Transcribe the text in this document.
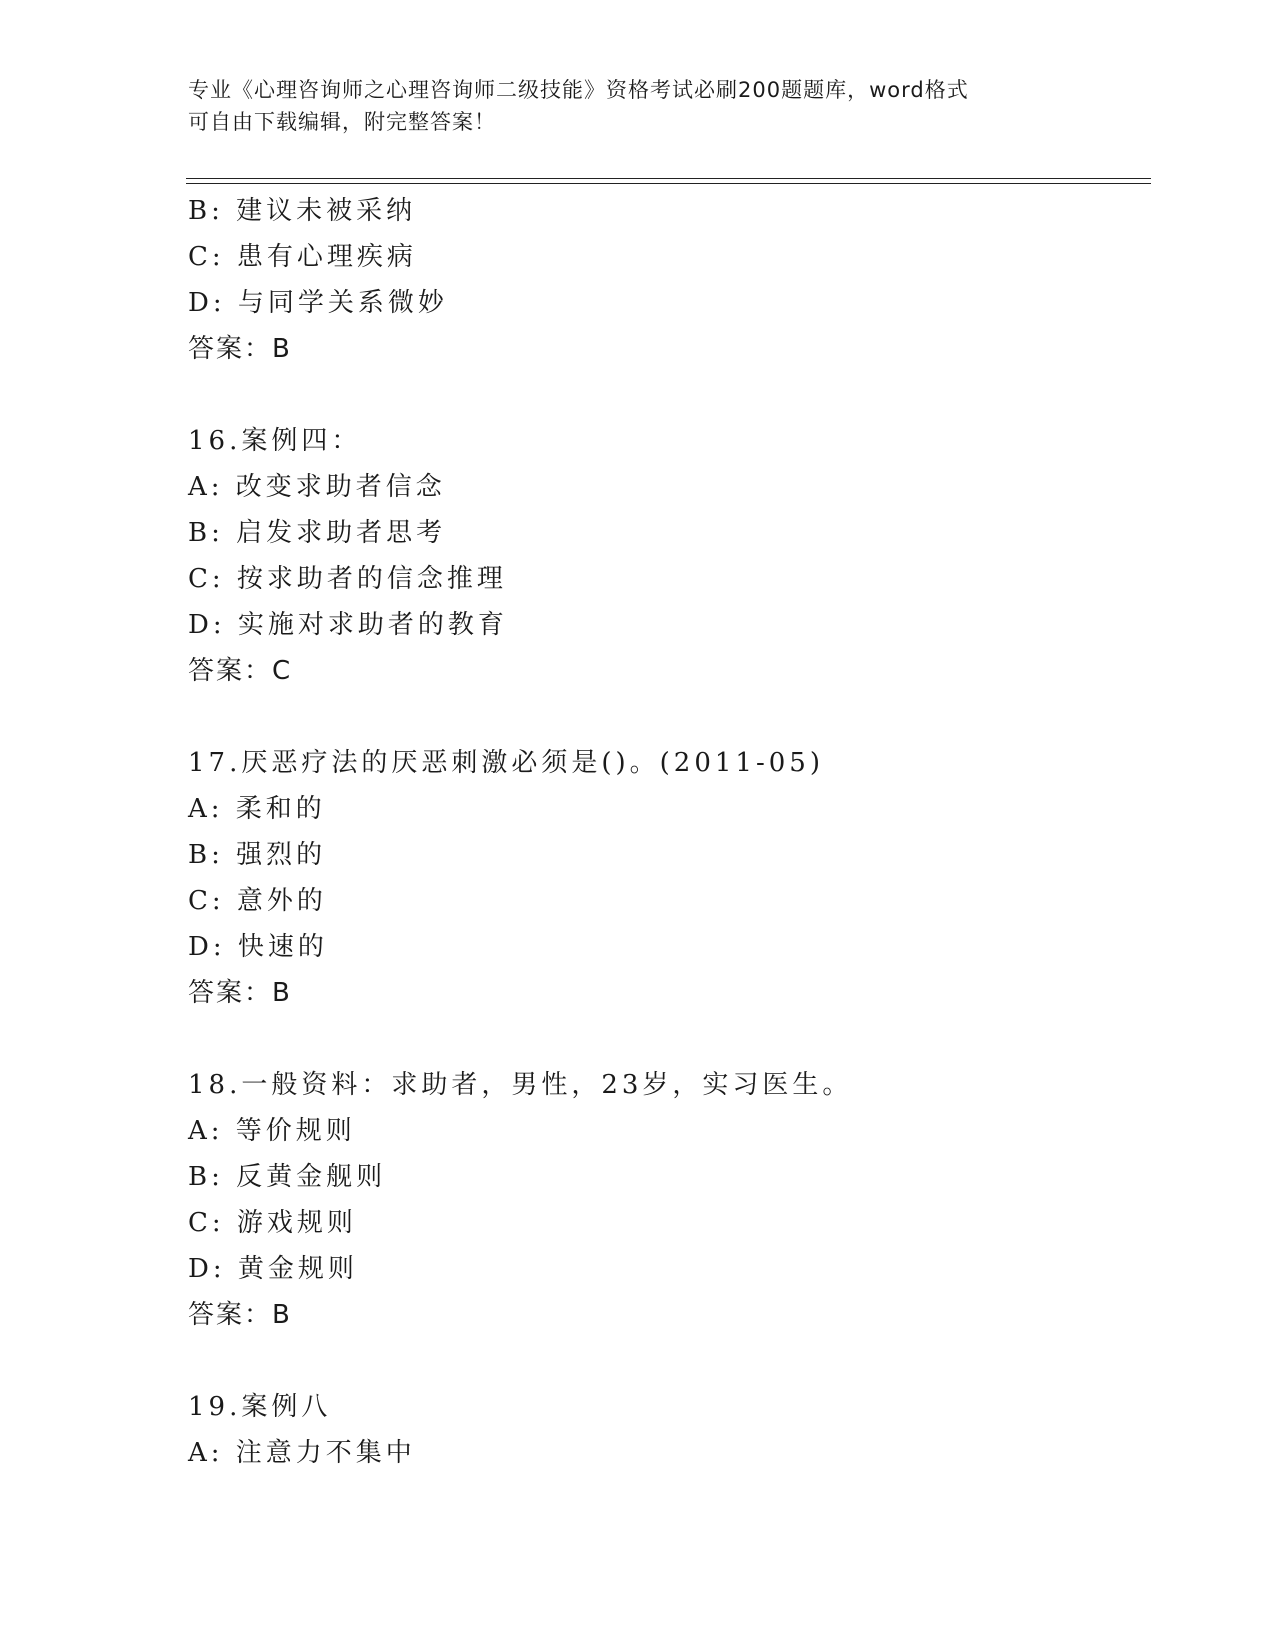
专业《心理咨询师之心理咨询师二级技能》资格考试必刷200题题库，word格式
可自由下载编辑，附完整答案！
B: 建议未被采纳
C: 患有心理疾病
D: 与同学关系微妙
答案：B
16.案例四：
A: 改变求助者信念
B: 启发求助者思考
C: 按求助者的信念推理
D: 实施对求助者的教育
答案：C
17.厌恶疗法的厌恶刺激必须是()。(2011-05)
A: 柔和的
B: 强烈的
C: 意外的
D: 快速的
答案：B
18.一般资料：求助者，男性，23岁，实习医生。
A: 等价规则
B: 反黄金舰则
C: 游戏规则
D: 黄金规则
答案：B
19.案例八
A: 注意力不集中
